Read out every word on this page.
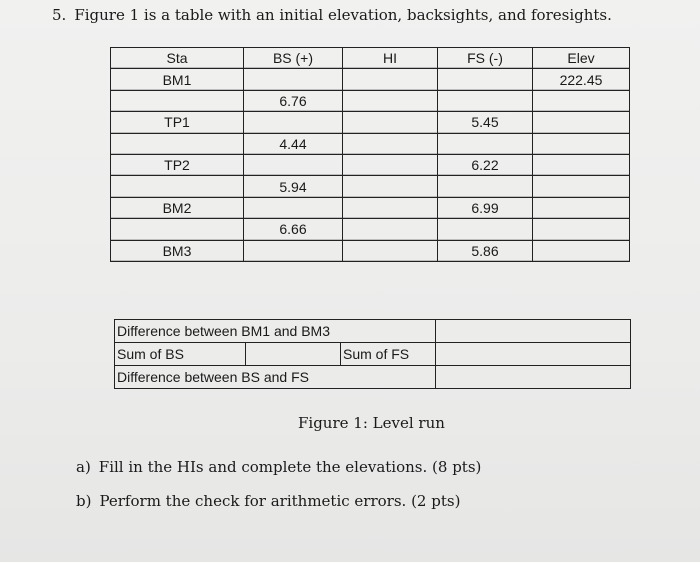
5. Figure 1 is a table with an initial elevation, backsights, and foresights.
Sta	BS (+)	HI	FS (-)	Elev
BM1				222.45
	6.76			
TP1			5.45	
	4.44			
TP2			6.22	
	5.94			
BM2			6.99	
	6.66			
BM3			5.86	
Difference between BM1 and BM3			
Sum of BS		Sum of FS	
Difference between BS and FS			
Figure 1: Level run
a) Fill in the HIs and complete the elevations. (8 pts)
b) Perform the check for arithmetic errors. (2 pts)
